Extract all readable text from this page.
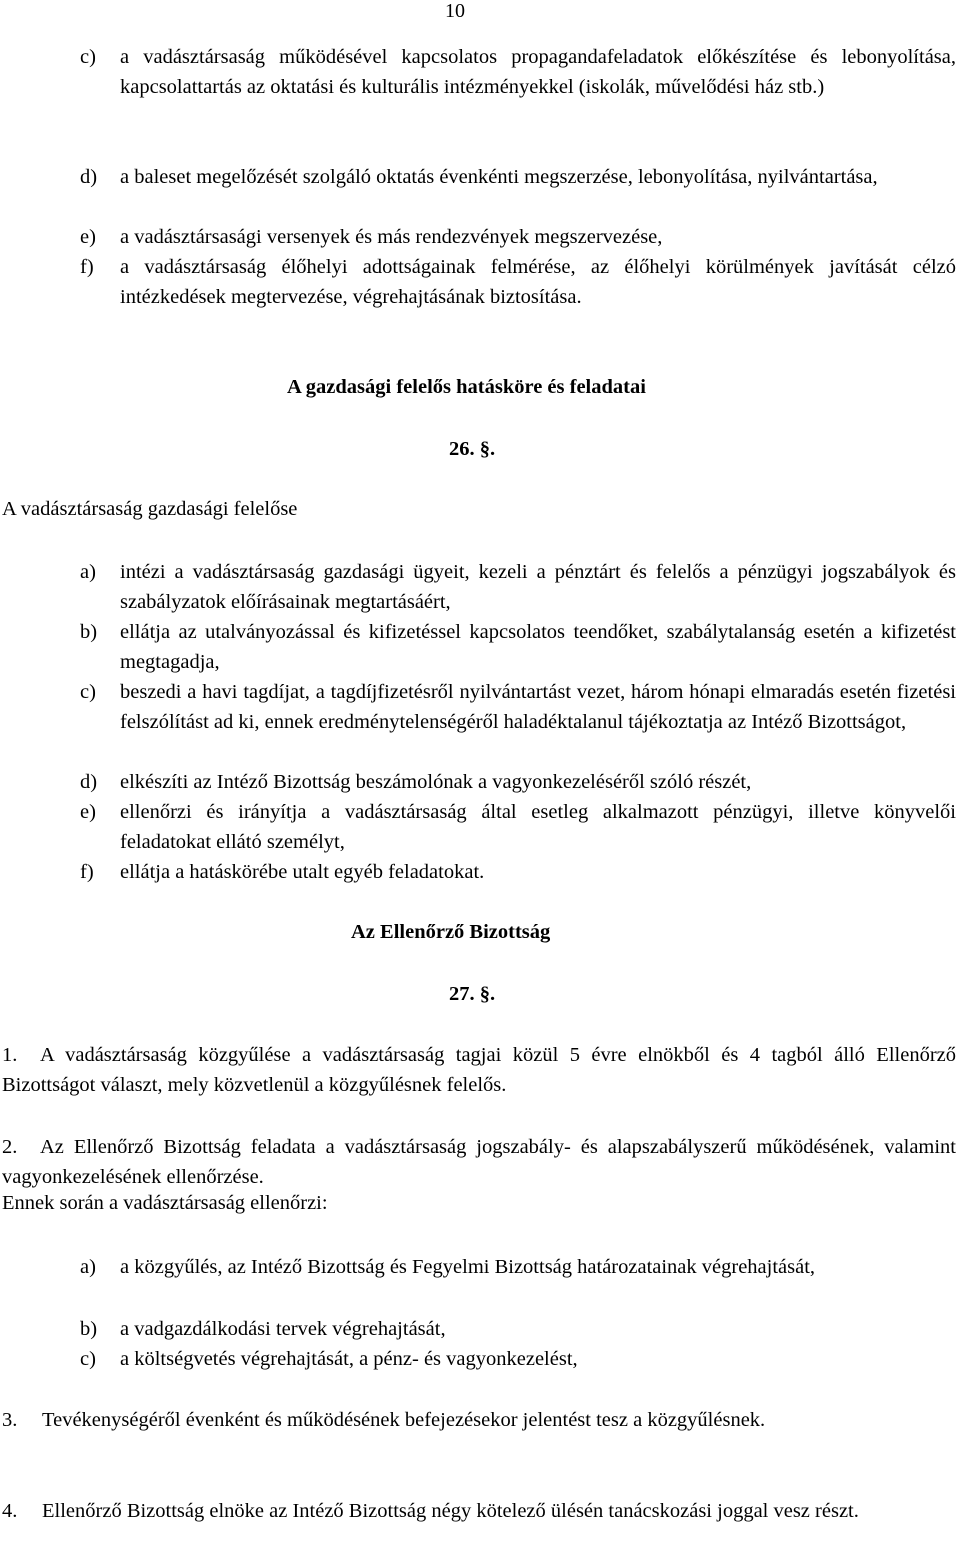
10
c) a vadásztársaság működésével kapcsolatos propagandafeladatok előkészítése és lebonyolítása, kapcsolattartás az oktatási és kulturális intézményekkel (iskolák, művelődési ház stb.)
d) a baleset megelőzését szolgáló oktatás évenkénti megszerzése, lebonyolítása, nyilvántartása,
e) a vadásztársasági versenyek és más rendezvények megszervezése,
f) a vadásztársaság élőhelyi adottságainak felmérése, az élőhelyi körülmények javítását célzó intézkedések megtervezése, végrehajtásának biztosítása.
A gazdasági felelős hatásköre és feladatai
26. §.
A vadásztársaság gazdasági felelőse
a) intézi a vadásztársaság gazdasági ügyeit, kezeli a pénztárt és felelős a pénzügyi jogszabályok és szabályzatok előírásainak megtartásáért,
b) ellátja az utalványozással és kifizetéssel kapcsolatos teendőket, szabálytalanság esetén a kifizetést megtagadja,
c) beszedi a havi tagdíjat, a tagdíjfizetésről nyilvántartást vezet, három hónapi elmaradás esetén fizetési felszólítást ad ki, ennek eredménytelenségéről haladéktalanul tájékoztatja az Intéző Bizottságot,
d) elkészíti az Intéző Bizottság beszámolónak a vagyonkezeléséről szóló részét,
e) ellenőrzi és irányítja a vadásztársaság által esetleg alkalmazott pénzügyi, illetve könyvelői feladatokat ellátó személyt,
f) ellátja a hatáskörébe utalt egyéb feladatokat.
Az Ellenőrző Bizottság
27. §.
1. A vadásztársaság közgyűlése a vadásztársaság tagjai közül 5 évre elnökből és 4 tagból álló Ellenőrző Bizottságot választ, mely közvetlenül a közgyűlésnek felelős.
2. Az Ellenőrző Bizottság feladata a vadásztársaság jogszabály- és alapszabályszerű működésének, valamint vagyonkezelésének ellenőrzése.
Ennek során a vadásztársaság ellenőrzi:
a) a közgyűlés, az Intéző Bizottság és Fegyelmi Bizottság határozatainak végrehajtását,
b) a vadgazdálkodási tervek végrehajtását,
c) a költségvetés végrehajtását, a pénz- és vagyonkezelést,
3. Tevékenységéről évenként és működésének befejezésekor jelentést tesz a közgyűlésnek.
4. Ellenőrző Bizottság elnöke az Intéző Bizottság négy kötelező ülésén tanácskozási joggal vesz részt.
